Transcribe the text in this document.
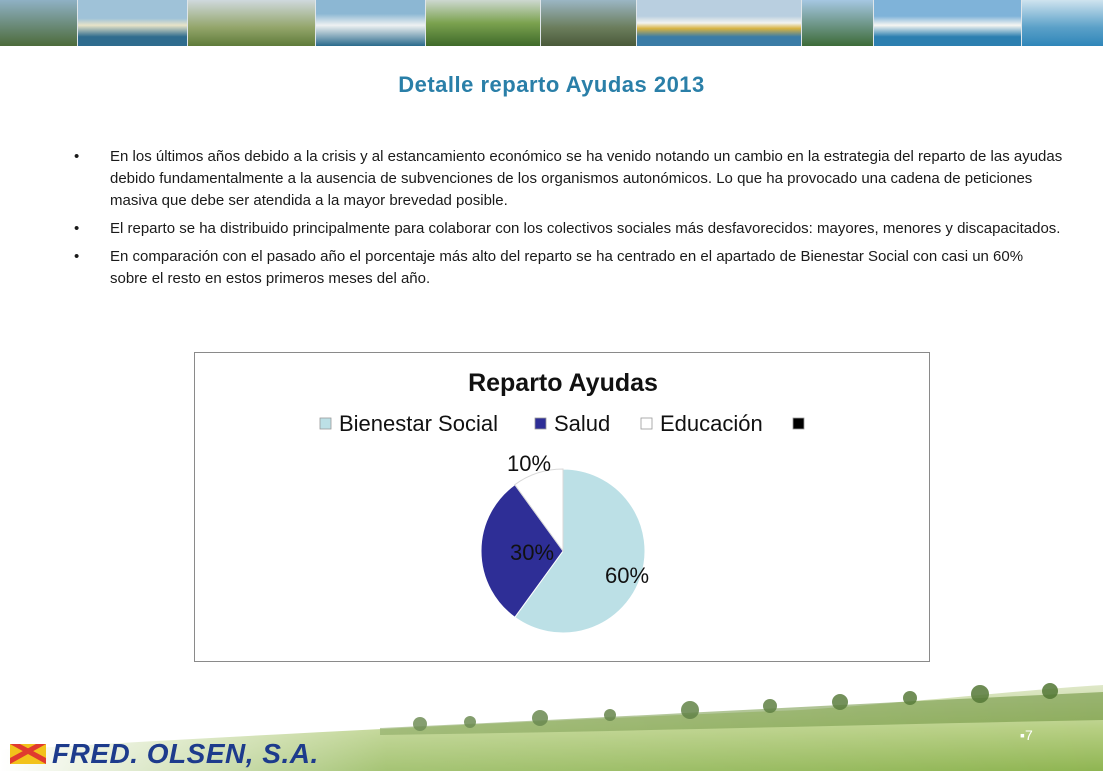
Detalle reparto Ayudas 2013
• En los últimos años debido a la crisis y al estancamiento económico se ha venido notando un cambio en la estrategia del reparto de las ayudas debido fundamentalmente a la ausencia de subvenciones de los organismos autonómicos. Lo que ha provocado una cadena de peticiones masiva que debe ser atendida a la mayor brevedad posible.
• El reparto se ha distribuido principalmente para colaborar con los colectivos sociales más desfavorecidos: mayores, menores y discapacitados.
• En comparación con el pasado año el porcentaje más alto del reparto se ha centrado en el apartado de Bienestar Social con casi un 60% sobre el resto en estos primeros meses del año.
Reparto Ayudas
Bienestar Social	Salud Educación
60%
30%
10%
FRED. OLSEN, S.A.
▪7
